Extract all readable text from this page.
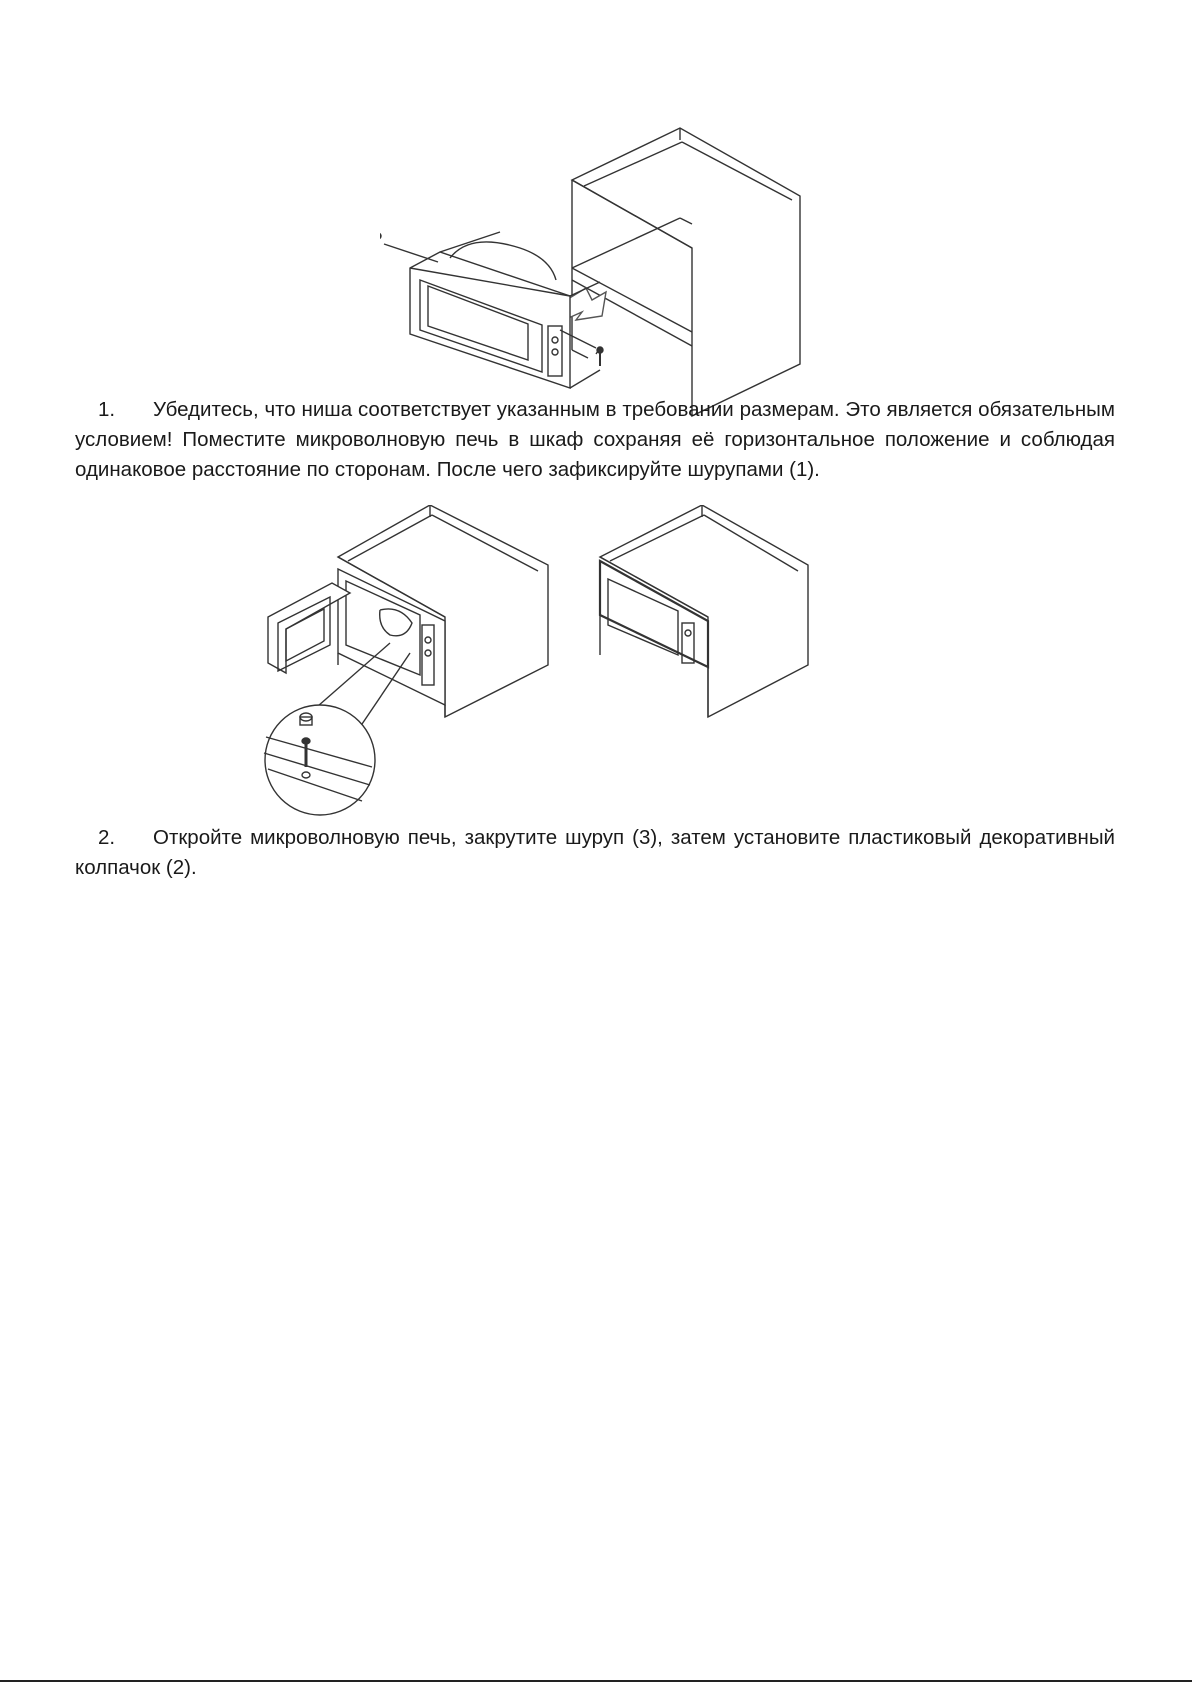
1. Убедитесь, что ниша соответствует указанным в требовании размерам. Это является обязательным условием! Поместите микроволновую печь в шкаф сохраняя её горизонтальное положение и соблюдая одинаковое расстояние по сторонам. После чего зафиксируйте шурупами (1).

2. Откройте микроволновую печь, закрутите шуруп (3), затем установите пластиковый декоративный колпачок (2).
